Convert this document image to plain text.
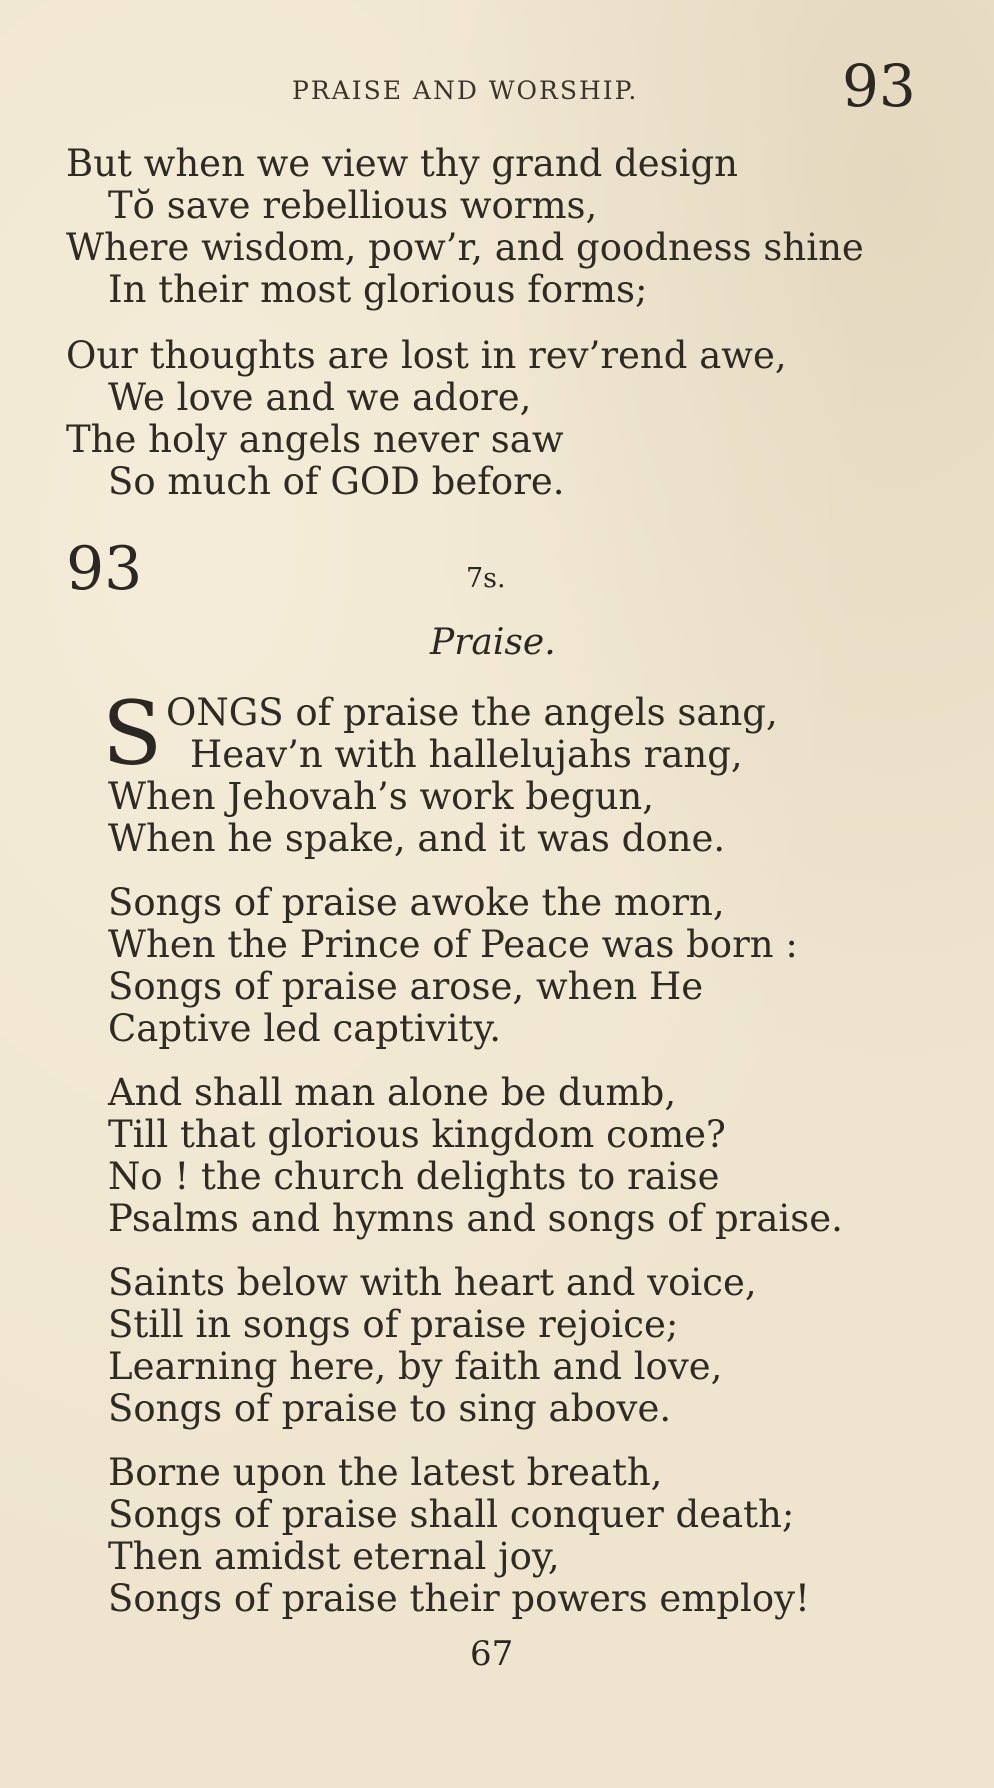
PRAISE AND WORSHIP.	93
But when we view thy grand design
Tŏ save rebellious worms,
Where wisdom, pow’r, and goodness shine
In their most glorious forms;
Our thoughts are lost in rev’rend awe,
We love and we adore,
The holy angels never saw
So much of GOD before.
93	7s.
Praise.
S ONGS of praise the angels sang,
Heav’n with hallelujahs rang,
When Jehovah’s work begun,
When he spake, and it was done.
Songs of praise awoke the morn,
When the Prince of Peace was born :
Songs of praise arose, when He
Captive led captivity.
And shall man alone be dumb,
Till that glorious kingdom come?
No ! the church delights to raise
Psalms and hymns and songs of praise.
Saints below with heart and voice,
Still in songs of praise rejoice;
Learning here, by faith and love,
Songs of praise to sing above.
Borne upon the latest breath,
Songs of praise shall conquer death;
Then amidst eternal joy,
Songs of praise their powers employ!
67
